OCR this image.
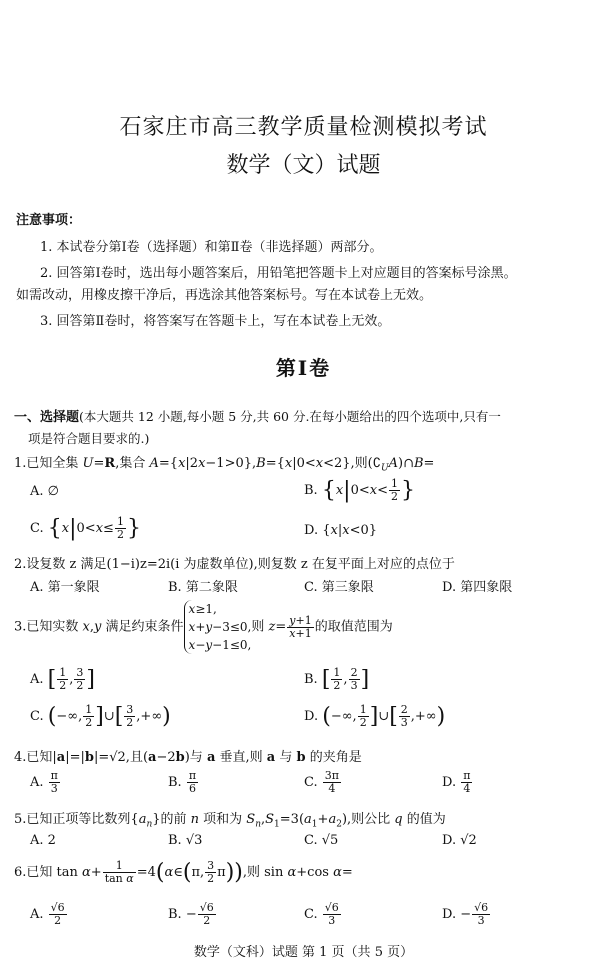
石家庄市高三教学质量检测模拟考试
数学（文）试题
注意事项：
1. 本试卷分第Ⅰ卷（选择题）和第Ⅱ卷（非选择题）两部分。
2. 回答第Ⅰ卷时，选出每小题答案后，用铅笔把答题卡上对应题目的答案标号涂黑。
如需改动，用橡皮擦干净后，再选涂其他答案标号。写在本试卷上无效。
3. 回答第Ⅱ卷时，将答案写在答题卡上，写在本试卷上无效。
第Ⅰ卷
一、选择题(本大题共 12 小题,每小题 5 分,共 60 分.在每小题给出的四个选项中,只有一
项是符合题目要求的.)
1.已知全集 U=R,集合 A={x|2x−1>0},B={x|0<x<2},则$(∁_UA)\cap B=$
A. ∅	B. {$x|0<x< \frac{1}{2}$ }
C. {$x|0<x\le \frac{1}{2}$ }	D. {x|x<0}
2.设复数 z 满足(1−i)z=2i(i 为虚数单位),则复数 z 在复平面上对应的点位于
A. 第一象限	B. 第二象限	C. 第三象限	D. 第四象限
3.已知实数 x,y 满足约束条件x≥1,
x+y−3≤0,
x−y−1≤0,则 $z= \frac{y+1}{x+1}$ 的取值范围为
A. [ $\frac{1}{2}$ , $\frac{3}{2}$ ]	B. [ $\frac{1}{2}$ , $\frac{2}{3}$ ]
C. (−∞, $\frac{1}{2}$ ]∪[ $\frac{3}{2}$ ,+∞)	D. (−∞, $\frac{1}{2}$ ]∪[ $\frac{2}{3}$ ,+∞)
4.已知|a|=|b|=√2,且(a−2b)与 a 垂直,则 a 与 b 的夹角是
A. $\frac{\pi}{3}$	B. $\frac{\pi}{6}$	C. $\frac{3\pi}{4}$	D. $\frac{\pi}{4}$
5.已知正项等比数列$\{a_n\}$的前 n 项和为 $S_n,S_1=3(a_1+a_2)$,则公比 q 的值为
A. 2	B. √3	C. √5	D. √2
6.已知 $\tan \alpha+ \frac{1}{\text{tan α}}$ =4(α∈(π, $\frac{3}{2} \pi$)),则 sin α+cos α=
A. $\frac{√6}{2}$	B. − $\frac{√6}{2}$	C. $\frac{√6}{3}$	D. − $\frac{√6}{3}$
数学（文科）试题 第 1 页（共 5 页）
